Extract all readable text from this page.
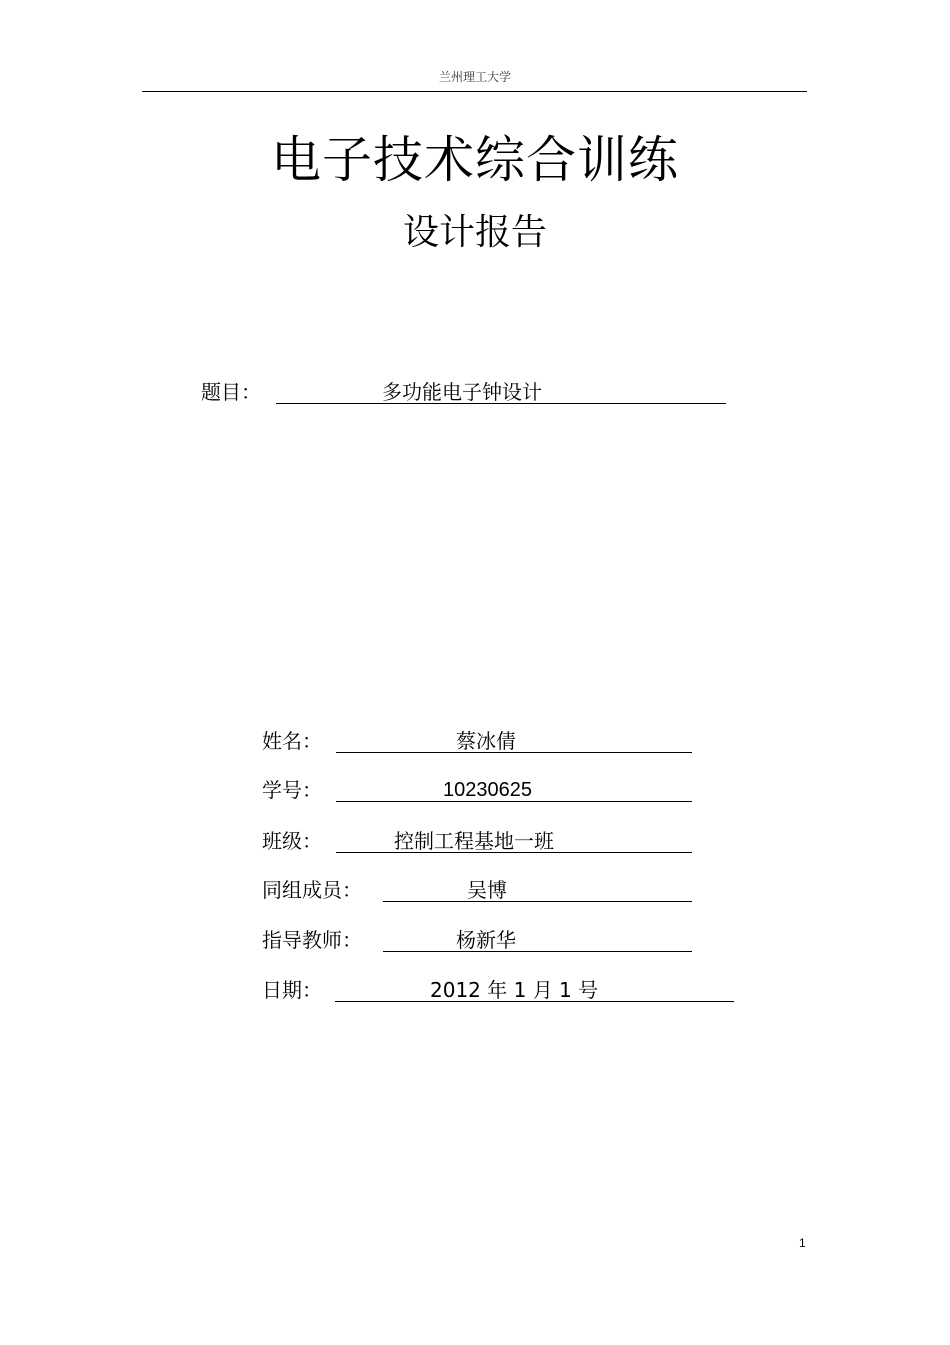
兰州理工大学
电子技术综合训练
设计报告
题目：	多功能电子钟设计
姓名：	蔡冰倩
学号：	10230625
班级：	控制工程基地一班
同组成员：	吴博
指导教师：	杨新华
日期：	2012 年 1 月 1 号
1
